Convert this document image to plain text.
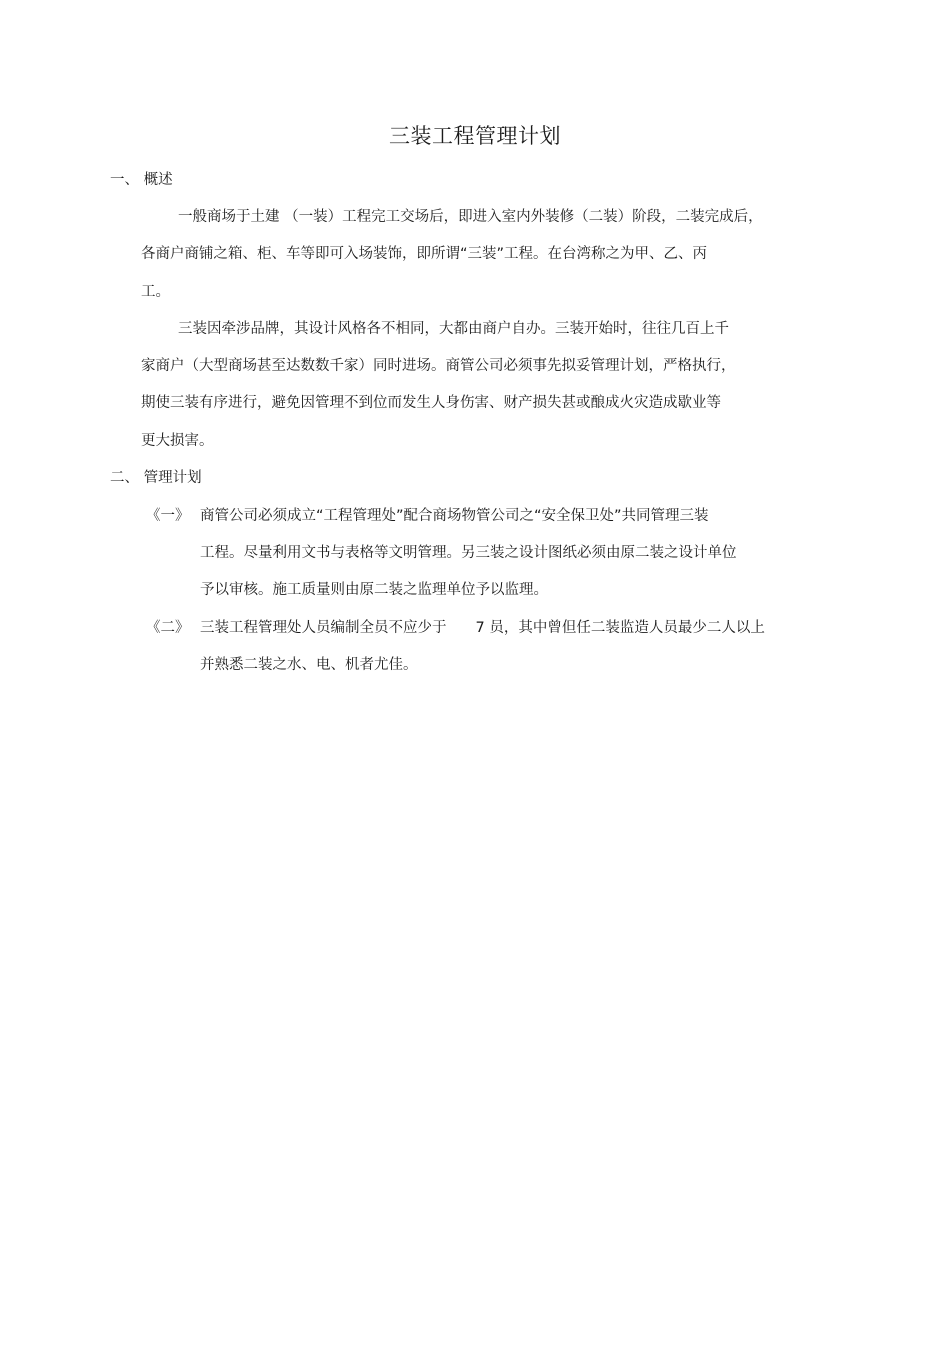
三装工程管理计划
一、 概述
一般商场于土建 （一装）工程完工交场后，即进入室内外装修（二装）阶段，二装完成后，
各商户商铺之箱、柜、车等即可入场装饰，即所谓“三装”工程。在台湾称之为甲、乙、丙
工。
三装因牵涉品牌，其设计风格各不相同，大都由商户自办。三装开始时，往往几百上千
家商户（大型商场甚至达数数千家）同时进场。商管公司必须事先拟妥管理计划，严格执行，
期使三装有序进行，避免因管理不到位而发生人身伤害、财产损失甚或酿成火灾造成歇业等
更大损害。
二、 管理计划
《一》 商管公司必须成立“工程管理处”配合商场物管公司之“安全保卫处”共同管理三装
工程。尽量利用文书与表格等文明管理。另三装之设计图纸必须由原二装之设计单位
予以审核。施工质量则由原二装之监理单位予以监理。
《二》 三装工程管理处人员编制全员不应少于　　7 员，其中曾但任二装监造人员最少二人以上
并熟悉二装之水、电、机者尤佳。
